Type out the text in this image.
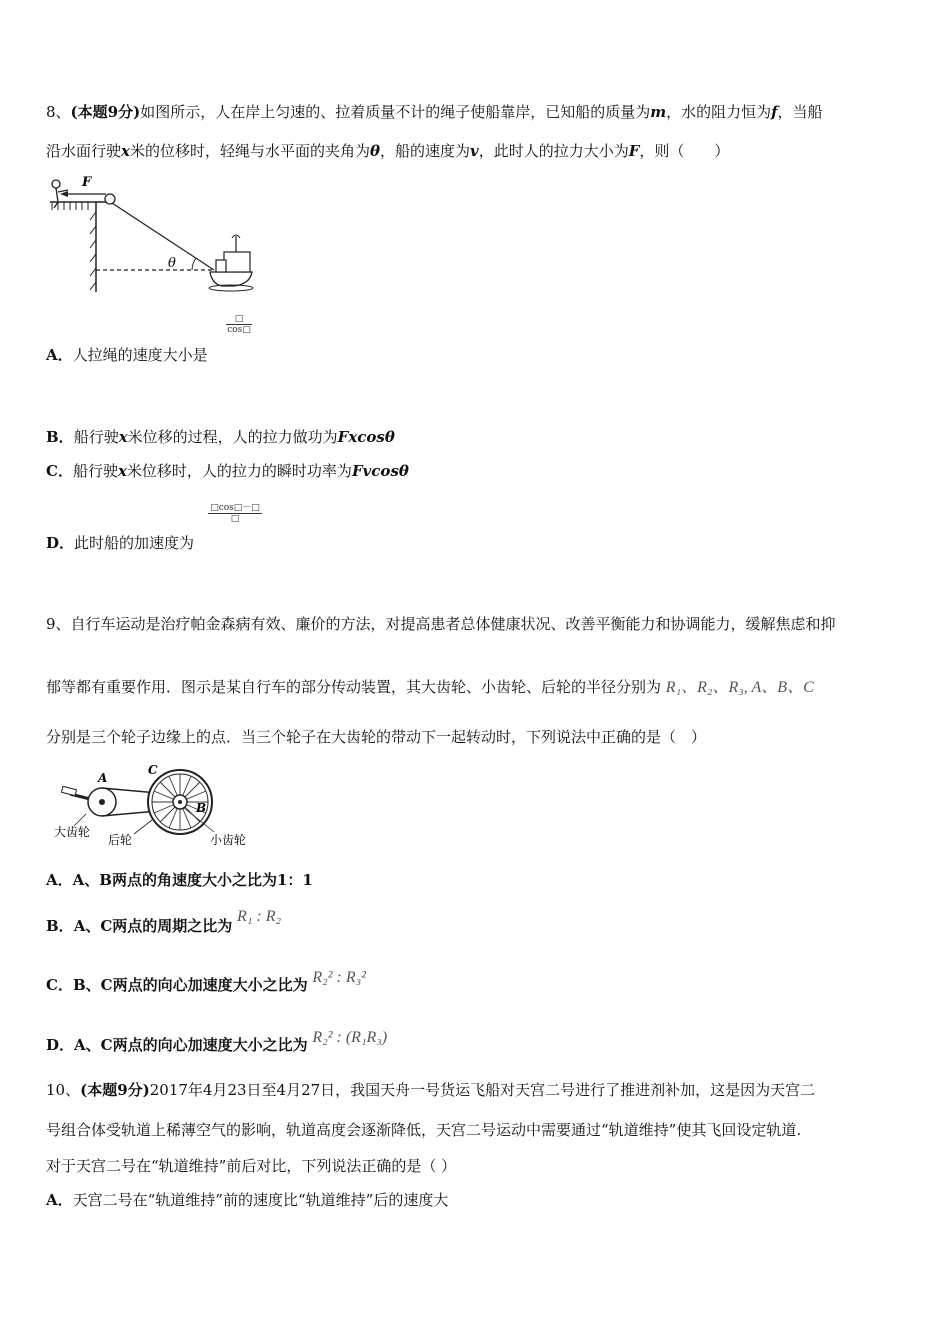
8、(本题9分)如图所示，人在岸上匀速的、拉着质量不计的绳子使船靠岸，已知船的质量为m，水的阻力恒为f，当船
沿水面行驶x米的位移时，轻绳与水平面的夹角为θ，船的速度为v，此时人的拉力大小为F，则（　　）
F
θ
□
cos□
A．人拉绳的速度大小是
B．船行驶x米位移的过程，人的拉力做功为Fxcosθ
C．船行驶x米位移时，人的拉力的瞬时功率为Fvcosθ
□cos□－□
□
D．此时船的加速度为
9、自行车运动是治疗帕金森病有效、廉价的方法，对提高患者总体健康状况、改善平衡能力和协调能力，缓解焦虑和抑
郁等都有重要作用．图示是某自行车的部分传动装置，其大齿轮、小齿轮、后轮的半径分别为 R₁、R₂、R₃, A、B、C
分别是三个轮子边缘上的点．当三个轮子在大齿轮的带动下一起转动时，下列说法中正确的是（　）
A
B
C
大齿轮
后轮	小齿轮
A．A、B两点的角速度大小之比为1：1
B．A、C两点的周期之比为 R₁ : R₂
C．B、C两点的向心加速度大小之比为 R₂² : R₃²
D．A、C两点的向心加速度大小之比为 R₂² : (R₁R₃)
10、(本题9分)2017年4月23日至4月27日，我国天舟一号货运飞船对天宫二号进行了推进剂补加，这是因为天宫二
号组合体受轨道上稀薄空气的影响，轨道高度会逐渐降低，天宫二号运动中需要通过“轨道维持”使其飞回设定轨道.
对于天宫二号在“轨道维持”前后对比，下列说法正确的是（ ）
A．天宫二号在“轨道维持”前的速度比“轨道维持”后的速度大
